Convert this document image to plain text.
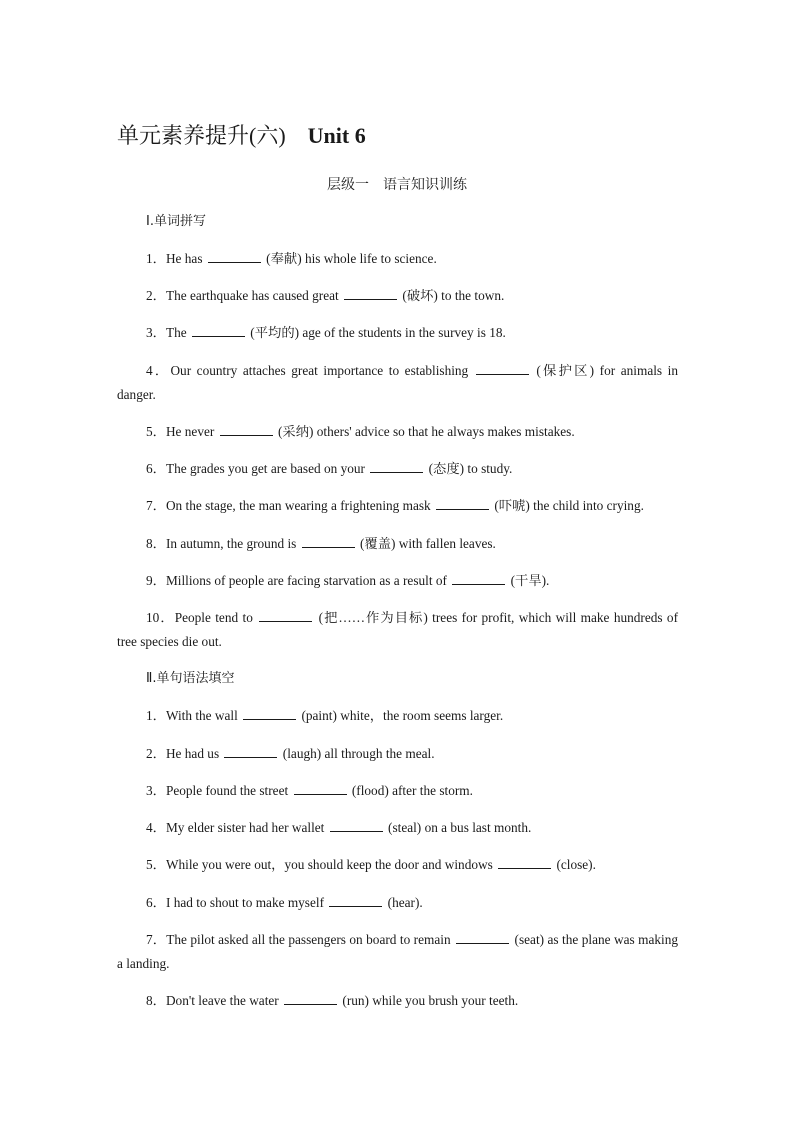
单元素养提升(六) Unit 6
层级一　语言知识训练
Ⅰ.单词拼写
1．He has	(奉献) his whole life to science.
2．The earthquake has caused great	(破坏) to the town.
3．The	(平均的) age of the students in the survey is 18.
4．Our country attaches great importance to establishing	(保护区) for animals in danger.
5．He never	(采纳) others' advice so that he always makes mistakes.
6．The grades you get are based on your	(态度) to study.
7．On the stage, the man wearing a frightening mask	(吓唬) the child into crying.
8．In autumn, the ground is	(覆盖) with fallen leaves.
9．Millions of people are facing starvation as a result of	(干旱).
10．People tend to	(把……作为目标) trees for profit, which will make hundreds of tree species die out.
Ⅱ.单句语法填空
1．With the wall	(paint) white，the room seems larger.
2．He had us	(laugh) all through the meal.
3．People found the street	(flood) after the storm.
4．My elder sister had her wallet	(steal) on a bus last month.
5．While you were out，you should keep the door and windows	(close).
6．I had to shout to make myself	(hear).
7．The pilot asked all the passengers on board to remain	(seat) as the plane was making a landing.
8．Don't leave the water	(run) while you brush your teeth.
